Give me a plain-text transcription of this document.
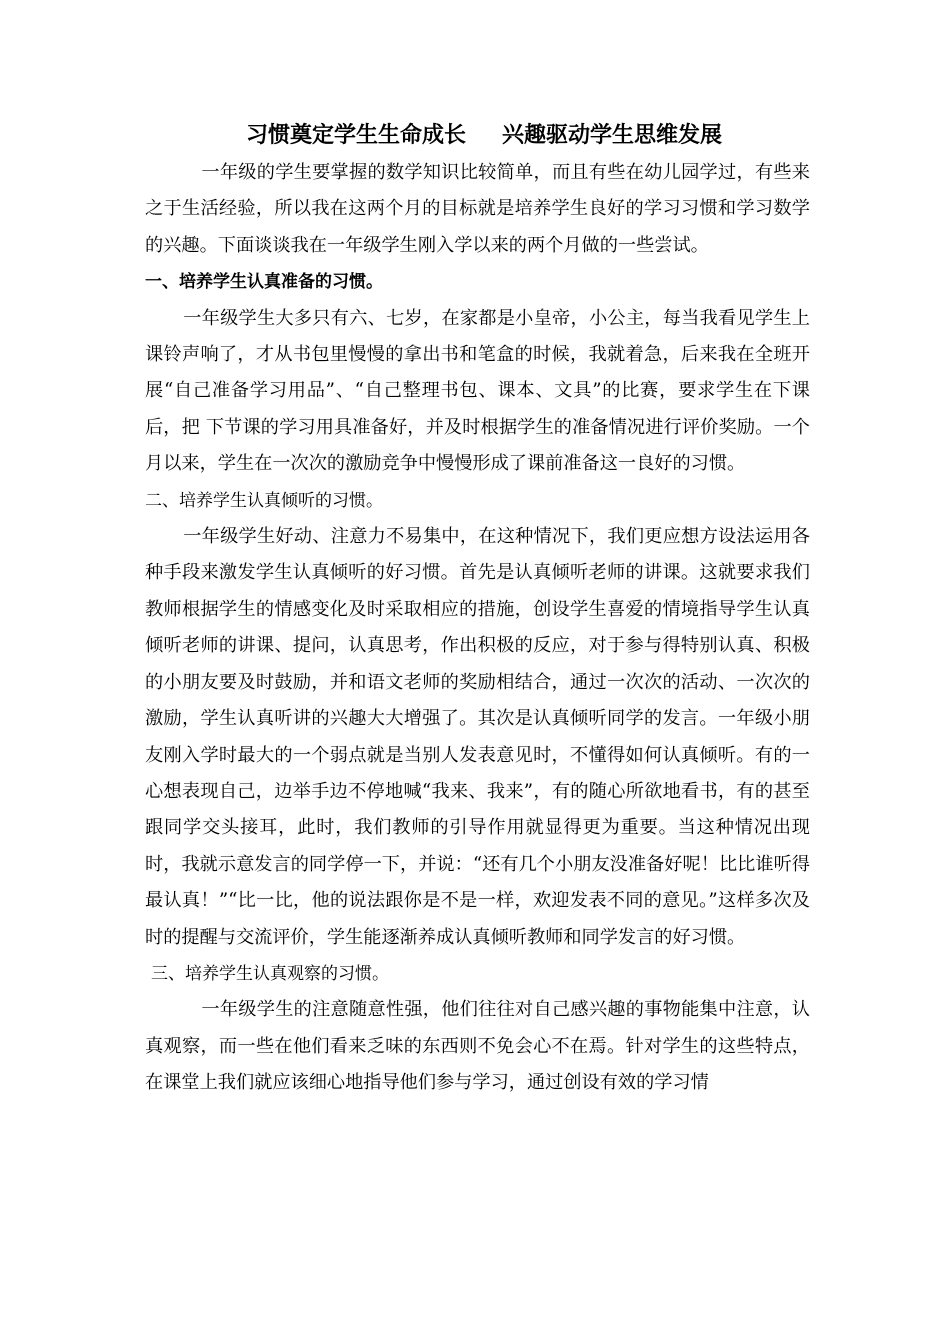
习惯奠定学生生命成长 兴趣驱动学生思维发展

一年级的学生要掌握的数学知识比较简单，而且有些在幼儿园学过，有些来之于生活经验，所以我在这两个月的目标就是培养学生良好的学习习惯和学习数学的兴趣。下面谈谈我在一年级学生刚入学以来的两个月做的一些尝试。

一、培养学生认真准备的习惯。

一年级学生大多只有六、七岁，在家都是小皇帝，小公主，每当我看见学生上课铃声响了，才从书包里慢慢的拿出书和笔盒的时候，我就着急，后来我在全班开展“自己准备学习用品”、“自己整理书包、课本、文具”的比赛，要求学生在下课后，把 下节课的学习用具准备好，并及时根据学生的准备情况进行评价奖励。一个月以来，学生在一次次的激励竞争中慢慢形成了课前准备这一良好的习惯。

二、培养学生认真倾听的习惯。

一年级学生好动、注意力不易集中，在这种情况下，我们更应想方设法运用各种手段来激发学生认真倾听的好习惯。首先是认真倾听老师的讲课。这就要求我们教师根据学生的情感变化及时采取相应的措施，创设学生喜爱的情境指导学生认真倾听老师的讲课、提问，认真思考，作出积极的反应，对于参与得特别认真、积极的小朋友要及时鼓励，并和语文老师的奖励相结合，通过一次次的活动、一次次的激励，学生认真听讲的兴趣大大增强了。其次是认真倾听同学的发言。一年级小朋友刚入学时最大的一个弱点就是当别人发表意见时，不懂得如何认真倾听。有的一心想表现自己，边举手边不停地喊“我来、我来”，有的随心所欲地看书，有的甚至跟同学交头接耳，此时，我们教师的引导作用就显得更为重要。当这种情况出现时，我就示意发言的同学停一下，并说：“还有几个小朋友没准备好呢！比比谁听得最认真！”“比一比，他的说法跟你是不是一样，欢迎发表不同的意见。”这样多次及时的提醒与交流评价，学生能逐渐养成认真倾听教师和同学发言的好习惯。

三、培养学生认真观察的习惯。

一年级学生的注意随意性强，他们往往对自己感兴趣的事物能集中注意，认真观察，而一些在他们看来乏味的东西则不免会心不在焉。针对学生的这些特点，在课堂上我们就应该细心地指导他们参与学习，通过创设有效的学习情
